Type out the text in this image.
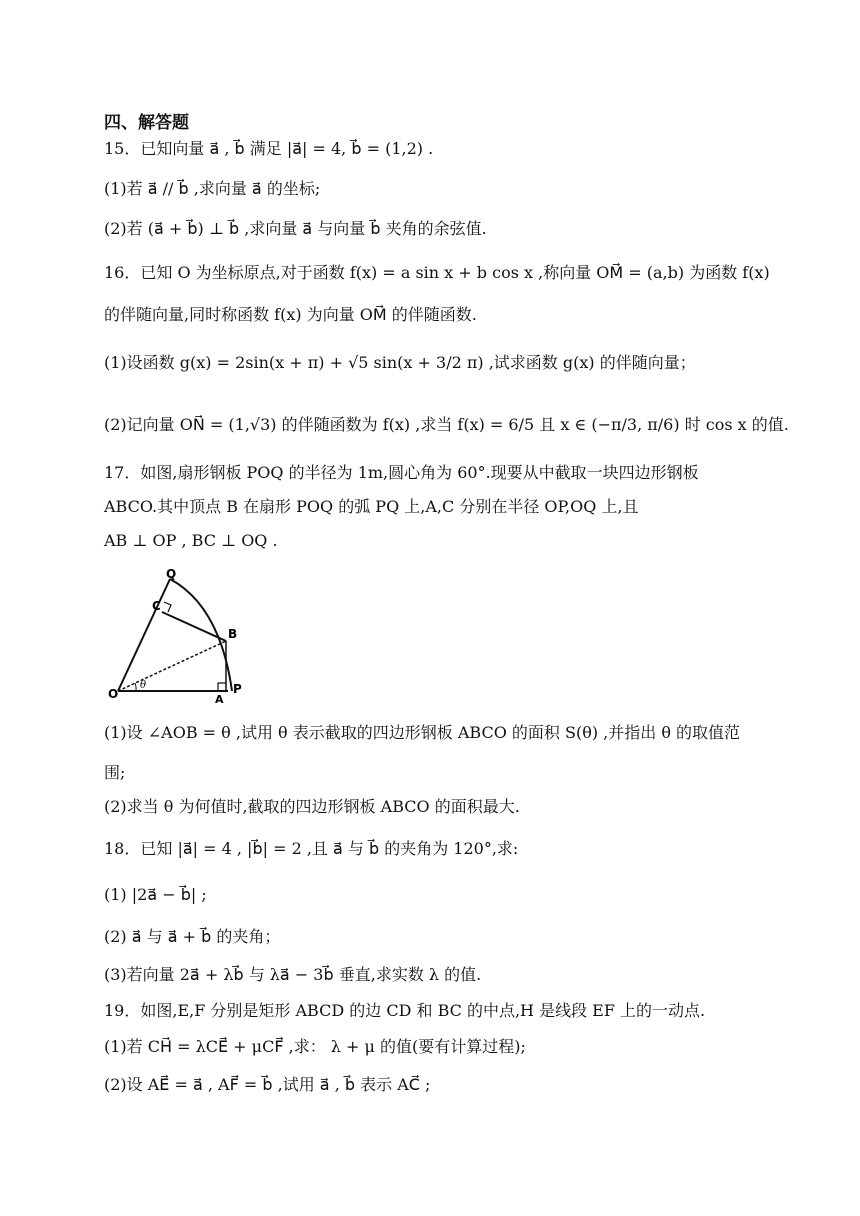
四、解答题
15．已知向量 a⃗ , b⃗ 满足 |a⃗| = 4, b⃗ = (1,2) .
(1)若 a⃗ // b⃗ ,求向量 a⃗ 的坐标;
(2)若 (a⃗ + b⃗) ⊥ b⃗ ,求向量 a⃗ 与向量 b⃗ 夹角的余弦值.
16．已知 O 为坐标原点,对于函数 f(x) = a sin x + b cos x ,称向量 OM⃗ = (a,b) 为函数 f(x)
的伴随向量,同时称函数 f(x) 为向量 OM⃗ 的伴随函数.
(1)设函数 g(x) = 2sin(x + π) + √5 sin(x + 3/2 π) ,试求函数 g(x) 的伴随向量；
(2)记向量 ON⃗ = (1,√3) 的伴随函数为 f(x) ,求当 f(x) = 6/5 且 x ∈ (−π/3, π/6) 时 cos x 的值.
17．如图,扇形钢板 POQ 的半径为 1m,圆心角为 60°.现要从中截取一块四边形钢板
ABCO.其中顶点 B 在扇形 POQ 的弧 PQ 上,A,C 分别在半径 OP,OQ 上,且
AB ⊥ OP , BC ⊥ OQ .
O	P
Q
A
B
C
θ
(1)设 ∠AOB = θ ,试用 θ 表示截取的四边形钢板 ABCO 的面积 S(θ) ,并指出 θ 的取值范
围;
(2)求当 θ 为何值时,截取的四边形钢板 ABCO 的面积最大.
18．已知 |a⃗| = 4 , |b⃗| = 2 ,且 a⃗ 与 b⃗ 的夹角为 120°,求:
(1) |2a⃗ − b⃗| ;
(2) a⃗ 与 a⃗ + b⃗ 的夹角；
(3)若向量 2a⃗ + λb⃗ 与 λa⃗ − 3b⃗ 垂直,求实数 λ 的值.
19．如图,E,F 分别是矩形 ABCD 的边 CD 和 BC 的中点,H 是线段 EF 上的一动点.
(1)若 CH⃗ = λCE⃗ + μCF⃗ ,求： λ + μ 的值(要有计算过程);
(2)设 AE⃗ = a⃗ , AF⃗ = b⃗ ,试用 a⃗ , b⃗ 表示 AC⃗ ;
